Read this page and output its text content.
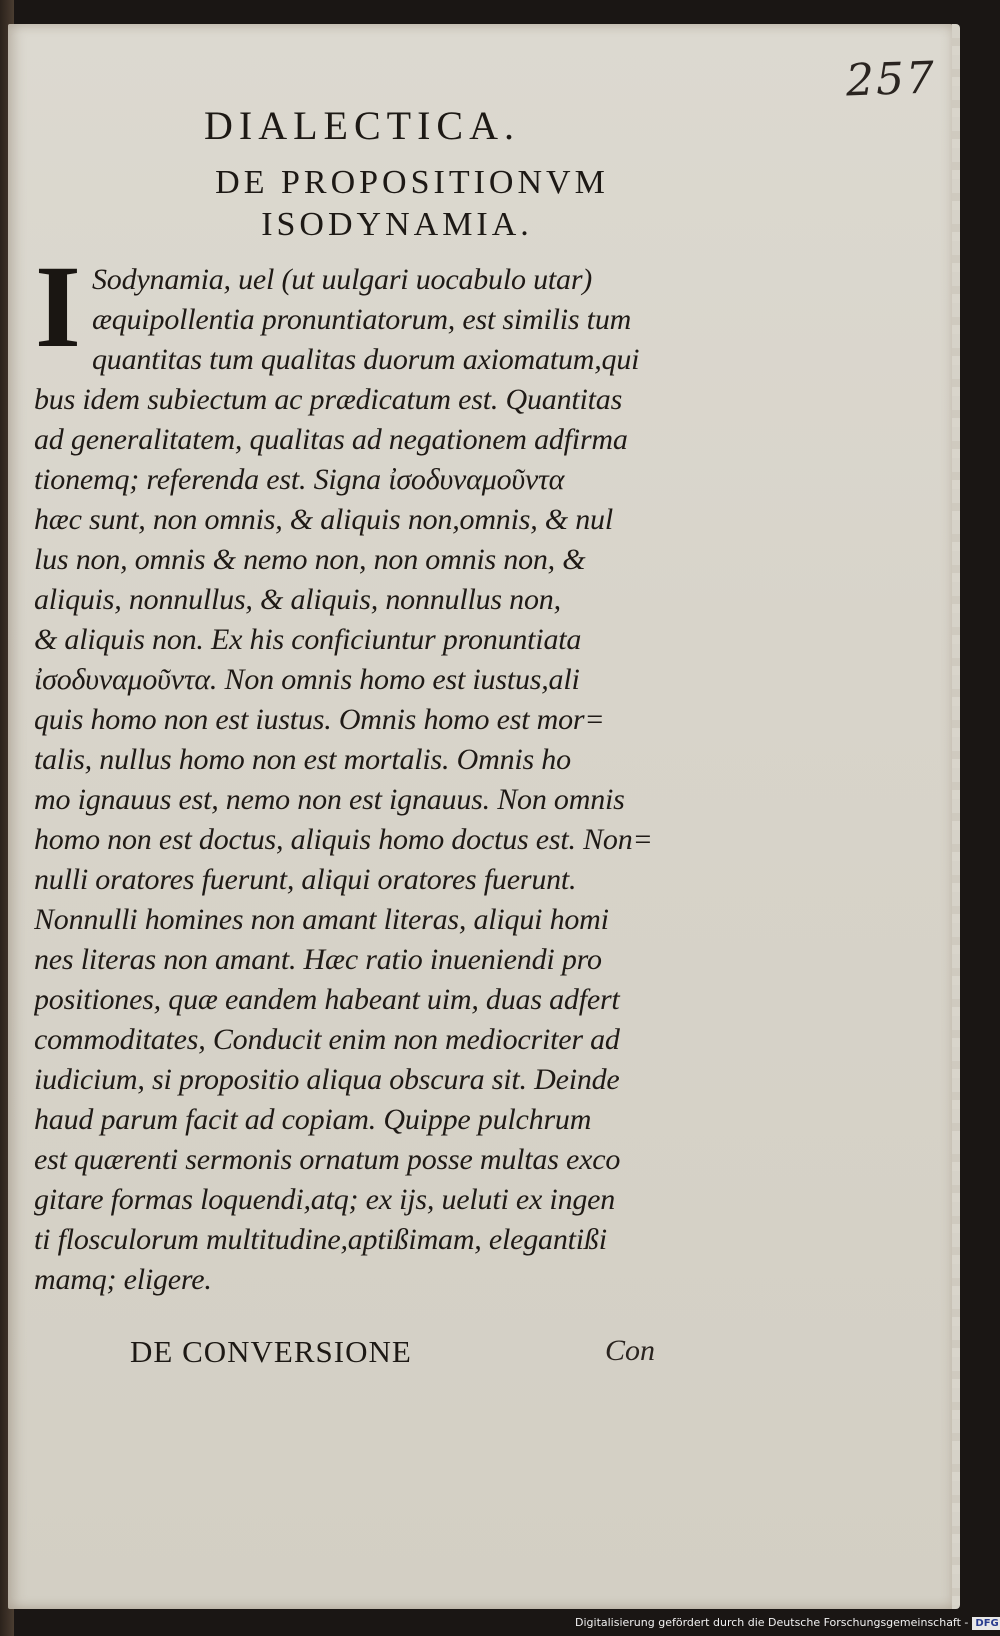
257
DIALECTICA.
DE PROPOSITIONVM
ISODYNAMIA.
I Sodynamia, uel (ut uulgari uocabulo utar)
æquipollentia pronuntiatorum, est similis tum
quantitas tum qualitas duorum axiomatum,qui
bus idem subiectum ac prædicatum est. Quantitas
ad generalitatem, qualitas ad negationem adfirma
tionemq; referenda est. Signa ἰσοδυναμοῦντα
hæc sunt, non omnis, & aliquis non,omnis, & nul
lus non, omnis & nemo non, non omnis non, &
aliquis, nonnullus, & aliquis, nonnullus non,
& aliquis non. Ex his conficiuntur pronuntiata
ἰσοδυναμοῦντα. Non omnis homo est iustus,ali
quis homo non est iustus. Omnis homo est mor=
talis, nullus homo non est mortalis. Omnis ho
mo ignauus est, nemo non est ignauus. Non omnis
homo non est doctus, aliquis homo doctus est. Non=
nulli oratores fuerunt, aliqui oratores fuerunt.
Nonnulli homines non amant literas, aliqui homi
nes literas non amant. Hæc ratio inueniendi pro
positiones, quæ eandem habeant uim, duas adfert
commoditates, Conducit enim non mediocriter ad
iudicium, si propositio aliqua obscura sit. Deinde
haud parum facit ad copiam. Quippe pulchrum
est quærenti sermonis ornatum posse multas exco
gitare formas loquendi,atq; ex ijs, ueluti ex ingen
ti flosculorum multitudine,aptißimam, elegantißi
mamq; eligere.
DE CONVERSIONE	Con
Digitalisierung gefördert durch die Deutsche Forschungsgemeinschaft - DFG
